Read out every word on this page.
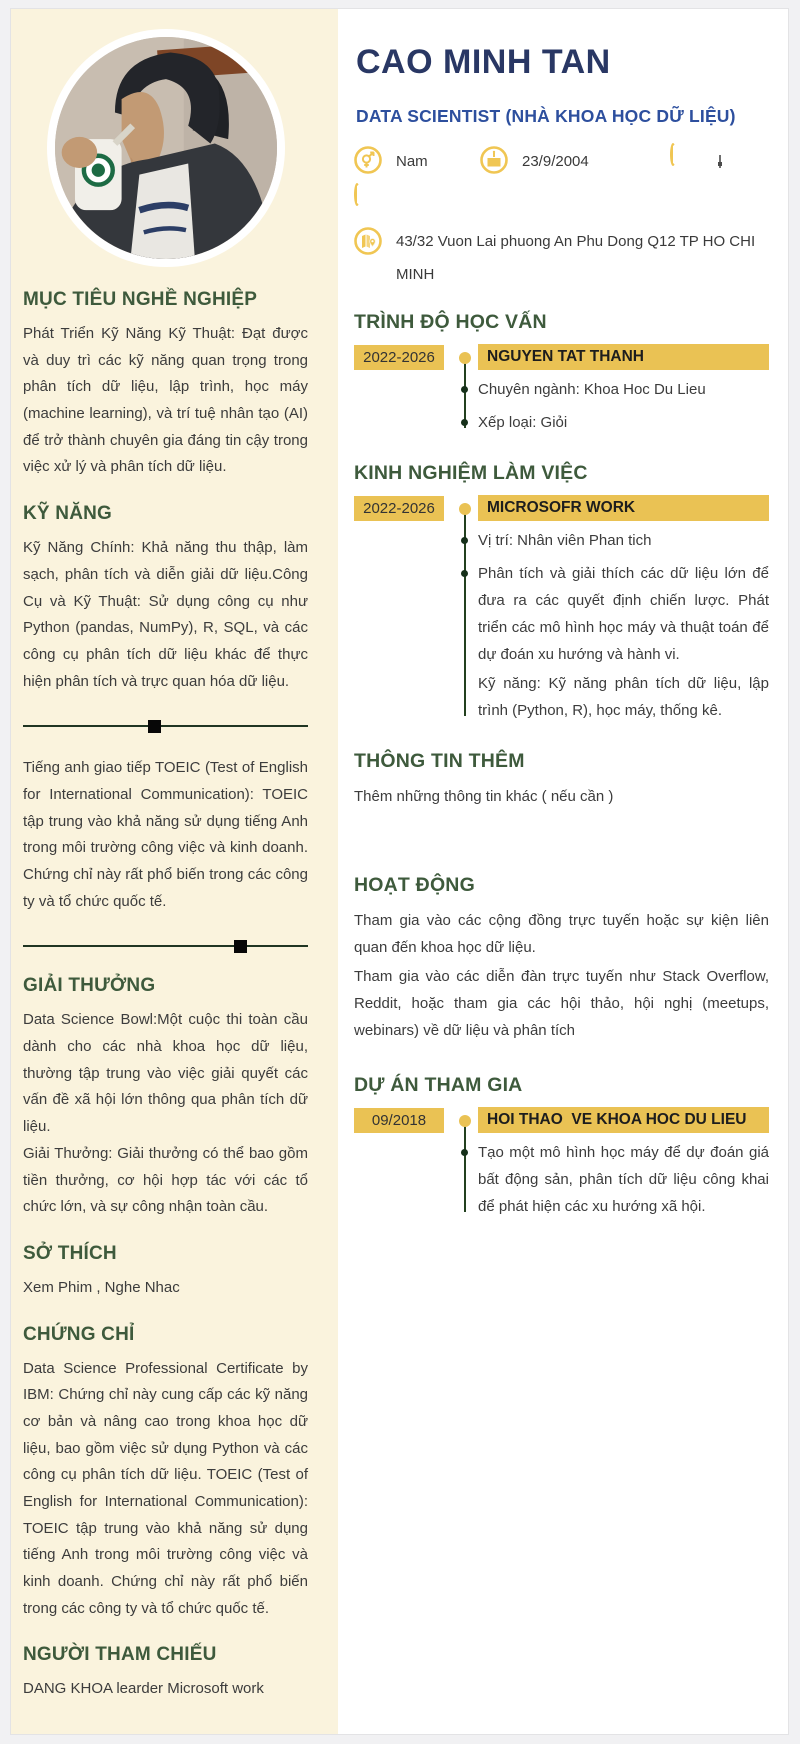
MỤC TIÊU NGHỀ NGHIỆP

Phát Triển Kỹ Năng Kỹ Thuật: Đạt được và duy trì các kỹ năng quan trọng trong phân tích dữ liệu, lập trình, học máy (machine learning), và trí tuệ nhân tạo (AI) để trở thành chuyên gia đáng tin cậy trong việc xử lý và phân tích dữ liệu.

KỸ NĂNG

Kỹ Năng Chính: Khả năng thu thập, làm sạch, phân tích và diễn giải dữ liệu.Công Cụ và Kỹ Thuật: Sử dụng công cụ như Python (pandas, NumPy), R, SQL, và các công cụ phân tích dữ liệu khác để thực hiện phân tích và trực quan hóa dữ liệu.

Tiếng anh giao tiếp TOEIC (Test of English for International Communication): TOEIC tập trung vào khả năng sử dụng tiếng Anh trong môi trường công việc và kinh doanh. Chứng chỉ này rất phổ biến trong các công ty và tổ chức quốc tế.

GIẢI THƯỞNG

Data Science Bowl:Một cuộc thi toàn cầu dành cho các nhà khoa học dữ liệu, thường tập trung vào việc giải quyết các vấn đề xã hội lớn thông qua phân tích dữ liệu.

Giải Thưởng: Giải thưởng có thể bao gồm tiền thưởng, cơ hội hợp tác với các tổ chức lớn, và sự công nhận toàn cầu.

SỞ THÍCH

Xem Phim , Nghe Nhac

CHỨNG CHỈ

Data Science Professional Certificate by IBM: Chứng chỉ này cung cấp các kỹ năng cơ bản và nâng cao trong khoa học dữ liệu, bao gồm việc sử dụng Python và các công cụ phân tích dữ liệu. TOEIC (Test of English for International Communication): TOEIC tập trung vào khả năng sử dụng tiếng Anh trong môi trường công việc và kinh doanh. Chứng chỉ này rất phổ biến trong các công ty và tổ chức quốc tế.

NGƯỜI THAM CHIẾU

DANG KHOA learder Microsoft work

CAO MINH TAN
DATA SCIENTIST (NHÀ KHOA HỌC DỮ LIỆU)
Nam	23/9/2004
43/32 Vuon Lai phuong An Phu Dong Q12 TP HO CHI MINH
TRÌNH ĐỘ HỌC VẤN
2022-2026	NGUYEN TAT THANH
Chuyên ngành: Khoa Hoc Du Lieu
Xếp loại: Giỏi
KINH NGHIỆM LÀM VIỆC
2022-2026	MICROSOFR WORK
Vị trí: Nhân viên Phan tich
Phân tích và giải thích các dữ liệu lớn để đưa ra các quyết định chiến lược. Phát triển các mô hình học máy và thuật toán để dự đoán xu hướng và hành vi.
Kỹ năng: Kỹ năng phân tích dữ liệu, lập trình (Python, R), học máy, thống kê.
THÔNG TIN THÊM

Thêm những thông tin khác ( nếu cần )

HOẠT ĐỘNG

Tham gia vào các cộng đồng trực tuyến hoặc sự kiện liên quan đến khoa học dữ liệu.

Tham gia vào các diễn đàn trực tuyến như Stack Overflow, Reddit, hoặc tham gia các hội thảo, hội nghị (meetups, webinars) về dữ liệu và phân tích

DỰ ÁN THAM GIA
09/2018	HOI THAO  VE KHOA HOC DU LIEU
Tạo một mô hình học máy để dự đoán giá bất động sản, phân tích dữ liệu công khai để phát hiện các xu hướng xã hội.
